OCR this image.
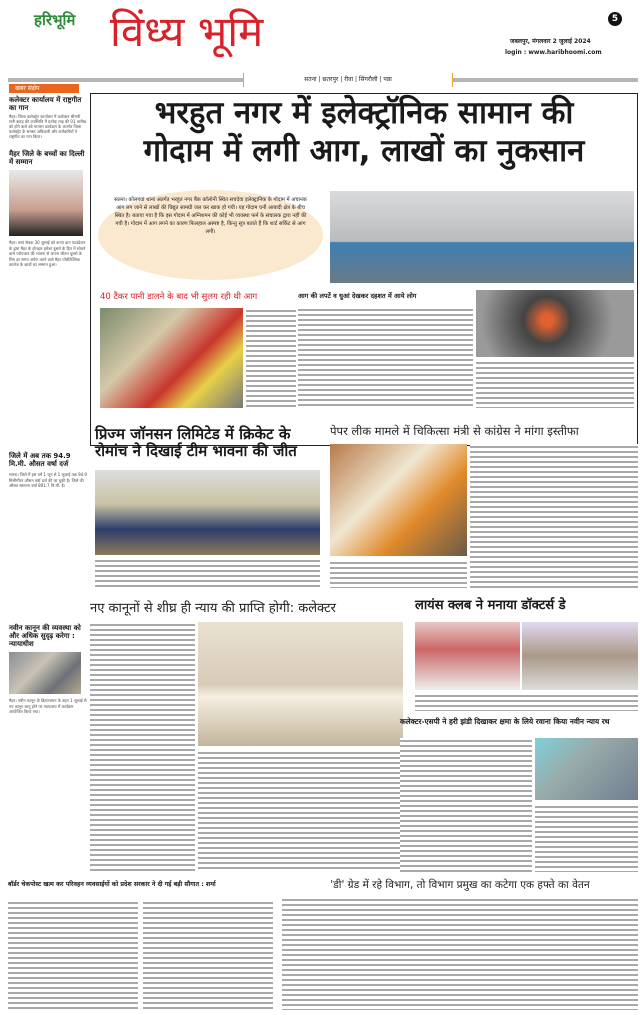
हरिभूमि विंध्य भूमि	5
जबलपुर, मंगलवार 2 जुलाई 2024
login : www.haribhoomi.com
सतना | छतरपुर | रीवा | सिंगरौली | पन्ना
खबर संक्षेप
कलेक्टर कार्यालय में राष्ट्रगीत का गान
मैहर। जिला कलेक्ट्रेट कार्यालय में कलेक्टर श्रीमती रानी बाटड़ की उपस्थिति में प्रत्येक माह की 01 तारीख को होने वाले वंदे मातरम कार्यक्रम के अंतर्गत जिला कलेक्ट्रेट के समस्त अधिकारी और कर्मचारियों ने राष्ट्रगीत का गान किया।
मैहर जिले के बच्चों का दिल्ली में सम्मान
मैहर। स्वयं सेवक 30 जुलाई को कन्या दान फाउंडेशन के द्वारा मैहर के होनहार हमेशा दूसरो के हित में सोचने वाले परोपकार की भावना से अपना जीवन दूसरो के लिए हर समय अर्पण करने वाले मैहर पॉलीटेक्निक कालेज के छात्रों का सम्मान हुआ।
जिले में अब तक 94.9 मि.मी. औसत वर्षा दर्ज
सतना। जिले में इस वर्ष 1 जून से 1 जुलाई तक 94.9 मिलीमीटर औसत वर्षा दर्ज की जा चुकी है। जिले की औसत सामान्य वर्षा 891.7 मि.मी. है।
नवीन कानून की व्यवस्था को और अधिक सुदृढ़ करेगा : न्यायाधीश
मैहर। नवीन कानून के क्रियान्वयन के तहत 1 जुलाई से नए कानून लागू होने पर न्यायालय में कार्यक्रम आयोजित किया गया।
भरहुत नगर में इलेक्ट्रॉनिक सामान की
गोदाम में लगी आग, लाखों का नुकसान
सतना। कोलगवां थाना अंतर्गत भरहुत नगर बैंक कॉलोनी स्थित सचदेवा इलेक्ट्रानिक के गोदाम में अचानक आग लग जाने से लाखों की विद्युत सामग्री जल कर खाक हो गयी। यह गोदाम घनी आबादी क्षेत्र के बीच स्थित है। बताया गया है कि इस गोदाम में अग्निशमन की कोई भी व्यवस्था फर्म के संचालक द्वारा नहीं की गयी है। गोदाम में आग लगने का कारण फिलहाल अस्पष्ट है, किन्तु सूत्र बताते हैं कि शार्ट सर्किट से आग लगी।
40 टैंकर पानी डालने के बाद भी सुलग रही थी आग	आग की लपटें व धुआं देखकर दहशत में आये लोग
प्रिज्म जॉनसन लिमिटेड में क्रिकेट के रोमांच ने दिखाई टीम भावना की जीत
पेपर लीक मामले में चिकित्सा मंत्री से कांग्रेस ने मांगा इस्तीफा
नए कानूनों से शीघ्र ही न्याय की प्राप्ति होगी: कलेक्टर	लायंस क्लब ने मनाया डॉक्टर्स डे
कलेक्टर-एसपी ने हरी झंडी दिखाकर क्षमा के लिये रवाना किया नवीन न्याय रथ
बॉर्डर चेकपोस्ट खत्म कर परिवहन व्यवसाईयों को प्रदेश सरकार ने दी गई बड़ी सौगात : शर्मा	'डी' ग्रेड में रहे विभाग, तो विभाग प्रमुख का कटेगा एक हफ्ते का वेतन
